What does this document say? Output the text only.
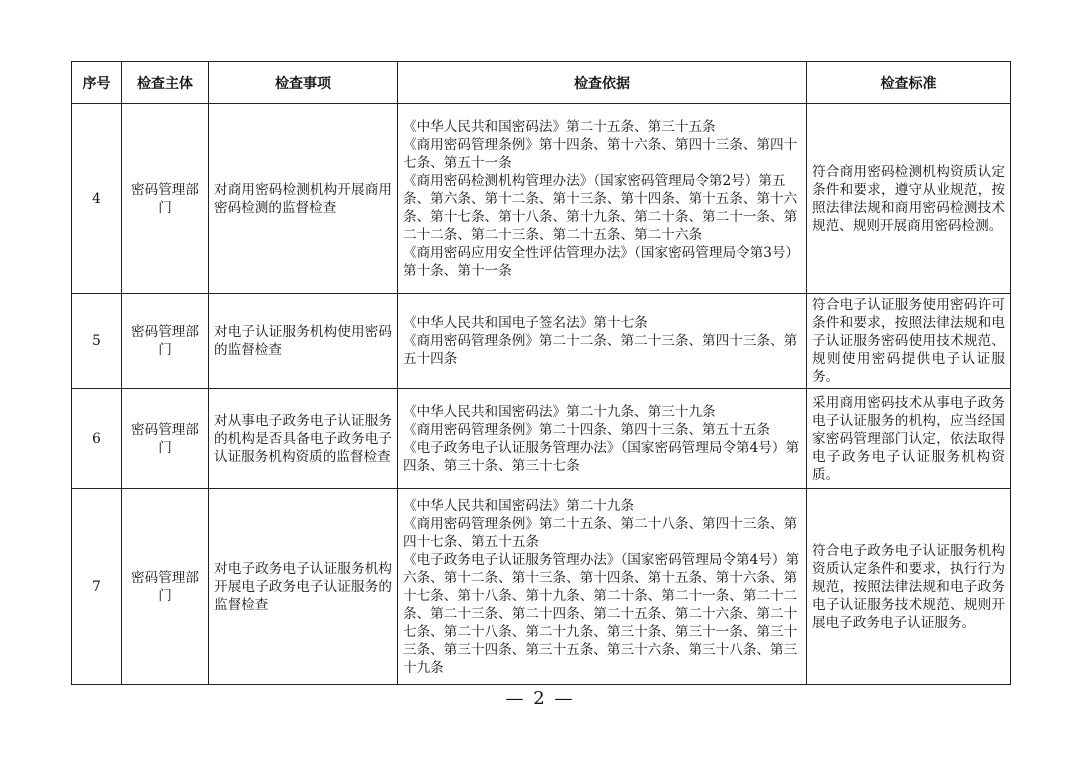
序号	检查主体	检查事项	检查依据	检查标准
4	密码管理部门	对商用密码检测机构开展商用密码检测的监督检查	《中华人民共和国密码法》第二十五条、第三十五条
《商用密码管理条例》第十四条、第十六条、第四十三条、第四十七条、第五十一条
《商用密码检测机构管理办法》（国家密码管理局令第2号）第五条、第六条、第十二条、第十三条、第十四条、第十五条、第十六条、第十七条、第十八条、第十九条、第二十条、第二十一条、第二十二条、第二十三条、第二十五条、第二十六条
《商用密码应用安全性评估管理办法》（国家密码管理局令第3号）第十条、第十一条	符合商用密码检测机构资质认定条件和要求，遵守从业规范，按照法律法规和商用密码检测技术规范、规则开展商用密码检测。
5	密码管理部门	对电子认证服务机构使用密码的监督检查	《中华人民共和国电子签名法》第十七条
《商用密码管理条例》第二十二条、第二十三条、第四十三条、第五十四条	符合电子认证服务使用密码许可条件和要求，按照法律法规和电子认证服务密码使用技术规范、规则使用密码提供电子认证服务。
6	密码管理部门	对从事电子政务电子认证服务的机构是否具备电子政务电子认证服务机构资质的监督检查	《中华人民共和国密码法》第二十九条、第三十九条
《商用密码管理条例》第二十四条、第四十三条、第五十五条
《电子政务电子认证服务管理办法》（国家密码管理局令第4号）第四条、第三十条、第三十七条	采用商用密码技术从事电子政务电子认证服务的机构，应当经国家密码管理部门认定，依法取得电子政务电子认证服务机构资质。
7	密码管理部门	对电子政务电子认证服务机构开展电子政务电子认证服务的监督检查	《中华人民共和国密码法》第二十九条
《商用密码管理条例》第二十五条、第二十八条、第四十三条、第四十七条、第五十五条
《电子政务电子认证服务管理办法》（国家密码管理局令第4号）第六条、第十二条、第十三条、第十四条、第十五条、第十六条、第十七条、第十八条、第十九条、第二十条、第二十一条、第二十二条、第二十三条、第二十四条、第二十五条、第二十六条、第二十七条、第二十八条、第二十九条、第三十条、第三十一条、第三十三条、第三十四条、第三十五条、第三十六条、第三十八条、第三十九条	符合电子政务电子认证服务机构资质认定条件和要求，执行行为规范，按照法律法规和电子政务电子认证服务技术规范、规则开展电子政务电子认证服务。
— 2 —
